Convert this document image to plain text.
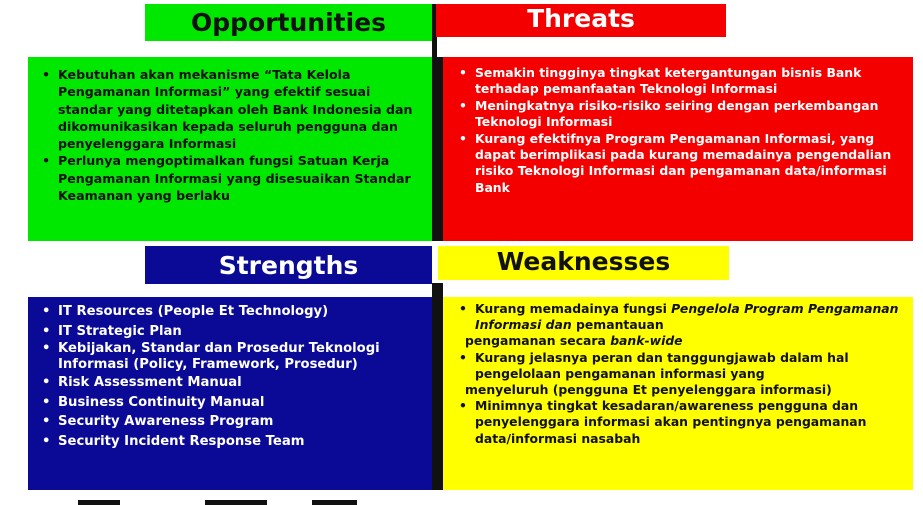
Opportunities	Threats
• Kebutuhan akan mekanisme “Tata Kelola Pengamanan Informasi” yang efektif sesuai standar yang ditetapkan oleh Bank Indonesia dan dikomunikasikan kepada seluruh pengguna dan penyelenggara Informasi
• Perlunya mengoptimalkan fungsi Satuan Kerja Pengamanan Informasi yang disesuaikan Standar Keamanan yang berlaku
• Semakin tingginya tingkat ketergantungan bisnis Bank terhadap pemanfaatan Teknologi Informasi
• Meningkatnya risiko-risiko seiring dengan perkembangan Teknologi Informasi
• Kurang efektifnya Program Pengamanan Informasi, yang dapat berimplikasi pada kurang memadainya pengendalian risiko Teknologi Informasi dan pengamanan data/informasi Bank
Strengths	Weaknesses
• IT Resources (People Et Technology)
• IT Strategic Plan
• Kebijakan, Standar dan Prosedur Teknologi Informasi (Policy, Framework, Prosedur)
• Risk Assessment Manual
• Business Continuity Manual
• Security Awareness Program
• Security Incident Response Team
• Kurang memadainya fungsi Pengelola Program Pengamanan Informasi dan pemantauan
pengamanan secara bank-wide
• Kurang jelasnya peran dan tanggungjawab dalam hal pengelolaan pengamanan informasi yang
menyeluruh (pengguna Et penyelenggara informasi)
• Minimnya tingkat kesadaran/awareness pengguna dan penyelenggara informasi akan pentingnya pengamanan data/informasi nasabah
